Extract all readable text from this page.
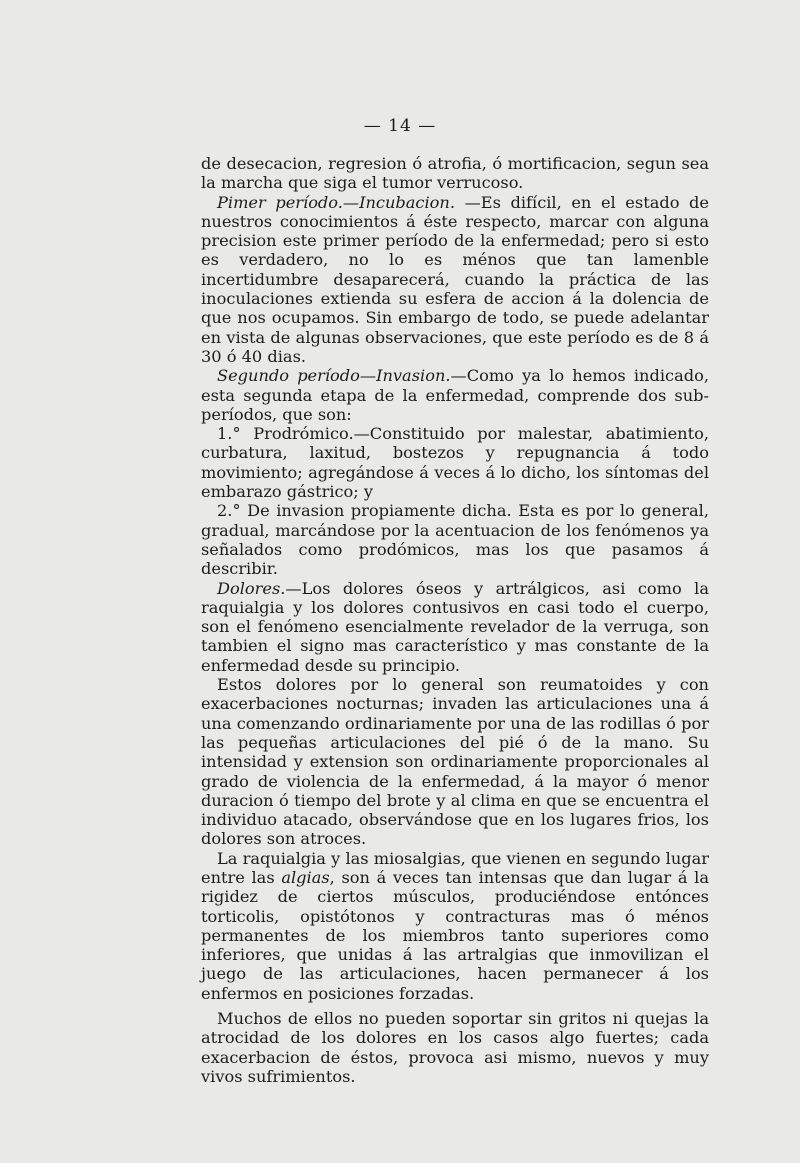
— 14 —

de desecacion, regresion ó atrofia, ó mortificacion, segun sea la marcha que siga el tumor verrucoso.

Pimer período.—Incubacion. —Es difícil, en el estado de nuestros conocimientos á éste respecto, marcar con alguna precision este primer período de la enfermedad; pero si esto es verdadero, no lo es ménos que tan lamenble incertidumbre desaparecerá, cuando la práctica de las inoculaciones extienda su esfera de accion á la dolencia de que nos ocupamos. Sin embargo de todo, se puede adelantar en vista de algunas observaciones, que este período es de 8 á 30 ó 40 dias.

Segundo período—Invasion.—Como ya lo hemos indicado, esta segunda etapa de la enfermedad, comprende dos sub-períodos, que son:

1.° Prodrómico.—Constituido por malestar, abatimiento, curbatura, laxitud, bostezos y repugnancia á todo movimiento; agregándose á veces á lo dicho, los síntomas del embarazo gástrico; y

2.° De invasion propiamente dicha. Esta es por lo general, gradual, marcándose por la acentuacion de los fenómenos ya señalados como prodómicos, mas los que pasamos á describir.

Dolores.—Los dolores óseos y artrálgicos, asi como la raquialgia y los dolores contusivos en casi todo el cuerpo, son el fenómeno esencialmente revelador de la verruga, son tambien el signo mas característico y mas constante de la enfermedad desde su principio.

Estos dolores por lo general son reumatoides y con exacerbaciones nocturnas; invaden las articulaciones una á una comenzando ordinariamente por una de las rodillas ó por las pequeñas articulaciones del pié ó de la mano. Su intensidad y extension son ordinariamente proporcionales al grado de violencia de la enfermedad, á la mayor ó menor duracion ó tiempo del brote y al clima en que se encuentra el individuo atacado, observándose que en los lugares frios, los dolores son atroces.

La raquialgia y las miosalgias, que vienen en segundo lugar entre las algias, son á veces tan intensas que dan lugar á la rigidez de ciertos músculos, produciéndose entónces torticolis, opistótonos y contracturas mas ó ménos permanentes de los miembros tanto superiores como inferiores, que unidas á las artralgias que inmovilizan el juego de las articulaciones, hacen permanecer á los enfermos en posiciones forzadas.

Muchos de ellos no pueden soportar sin gritos ni quejas la atrocidad de los dolores en los casos algo fuertes; cada exacerbacion de éstos, provoca asi mismo, nuevos y muy vivos sufrimientos.
